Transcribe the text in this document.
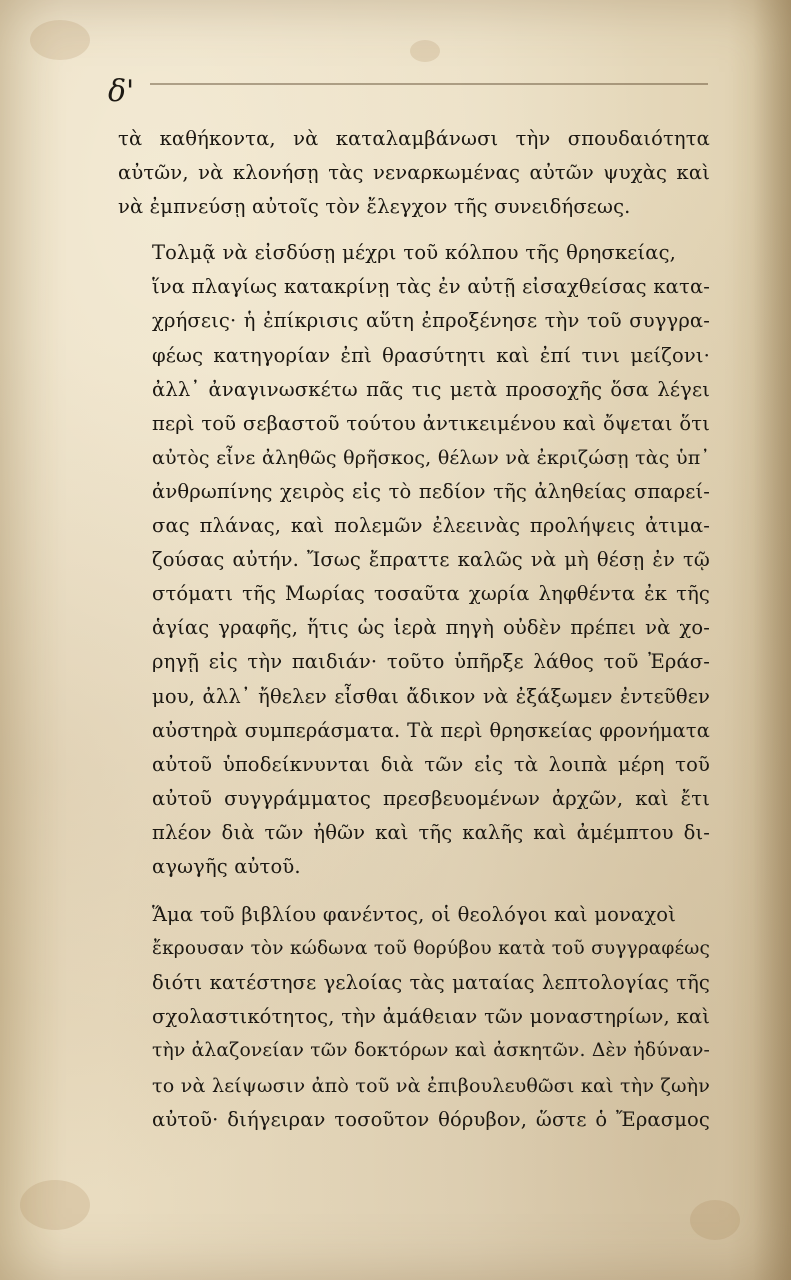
δ'

τὰ καθήκοντα, νὰ καταλαμβάνωσι τὴν σπουδαιότητα
αὐτῶν, νὰ κλονήσῃ τὰς νεναρκωμένας αὐτῶν ψυχὰς καὶ
νὰ ἐμπνεύσῃ αὐτοῖς τὸν ἔλεγχον τῆς συνειδήσεως.

Τολμᾷ νὰ εἰσδύσῃ μέχρι τοῦ κόλπου τῆς θρησκείας,
ἵνα πλαγίως κατακρίνῃ τὰς ἐν αὐτῇ εἰσαχθείσας κατα-
χρήσεις· ἡ ἐπίκρισις αὕτη ἐπροξένησε τὴν τοῦ συγγρα-
φέως κατηγορίαν ἐπὶ θρασύτητι καὶ ἐπί τινι μείζονι·
ἀλλ᾽ ἀναγινωσκέτω πᾶς τις μετὰ προσοχῆς ὅσα λέγει
περὶ τοῦ σεβαστοῦ τούτου ἀντικειμένου καὶ ὄψεται ὅτι
αὐτὸς εἶνε ἀληθῶς θρῆσκος, θέλων νὰ ἐκριζώσῃ τὰς ὑπ᾽
ἀνθρωπίνης χειρὸς εἰς τὸ πεδίον τῆς ἀληθείας σπαρεί-
σας πλάνας, καὶ πολεμῶν ἐλεεινὰς προλήψεις ἀτιμα-
ζούσας αὐτήν. Ἴσως ἔπραττε καλῶς νὰ μὴ θέσῃ ἐν τῷ
στόματι τῆς Μωρίας τοσαῦτα χωρία ληφθέντα ἐκ τῆς
ἁγίας γραφῆς, ἥτις ὡς ἱερὰ πηγὴ οὐδὲν πρέπει νὰ χο-
ρηγῇ εἰς τὴν παιδιάν· τοῦτο ὑπῆρξε λάθος τοῦ Ἐράσ-
μου, ἀλλ᾽ ἤθελεν εἶσθαι ἄδικον νὰ ἐξάξωμεν ἐντεῦθεν
αὐστηρὰ συμπεράσματα. Τὰ περὶ θρησκείας φρονήματα
αὐτοῦ ὑποδείκνυνται διὰ τῶν εἰς τὰ λοιπὰ μέρη τοῦ
αὐτοῦ συγγράμματος πρεσβευομένων ἀρχῶν, καὶ ἔτι
πλέον διὰ τῶν ἠθῶν καὶ τῆς καλῆς καὶ ἀμέμπτου δι-
αγωγῆς αὐτοῦ.

Ἅμα τοῦ βιβλίου φανέντος, οἱ θεολόγοι καὶ μοναχοὶ
ἔκρουσαν τὸν κώδωνα τοῦ θορύβου κατὰ τοῦ συγγραφέως
διότι κατέστησε γελοίας τὰς ματαίας λεπτολογίας τῆς
σχολαστικότητος, τὴν ἀμάθειαν τῶν μοναστηρίων, καὶ
τὴν ἀλαζονείαν τῶν δοκτόρων καὶ ἀσκητῶν. Δὲν ἠδύναν-
το νὰ λείψωσιν ἀπὸ τοῦ νὰ ἐπιβουλευθῶσι καὶ τὴν ζωὴν
αὐτοῦ· διήγειραν τοσοῦτον θόρυβον, ὥστε ὁ Ἔρασμος
